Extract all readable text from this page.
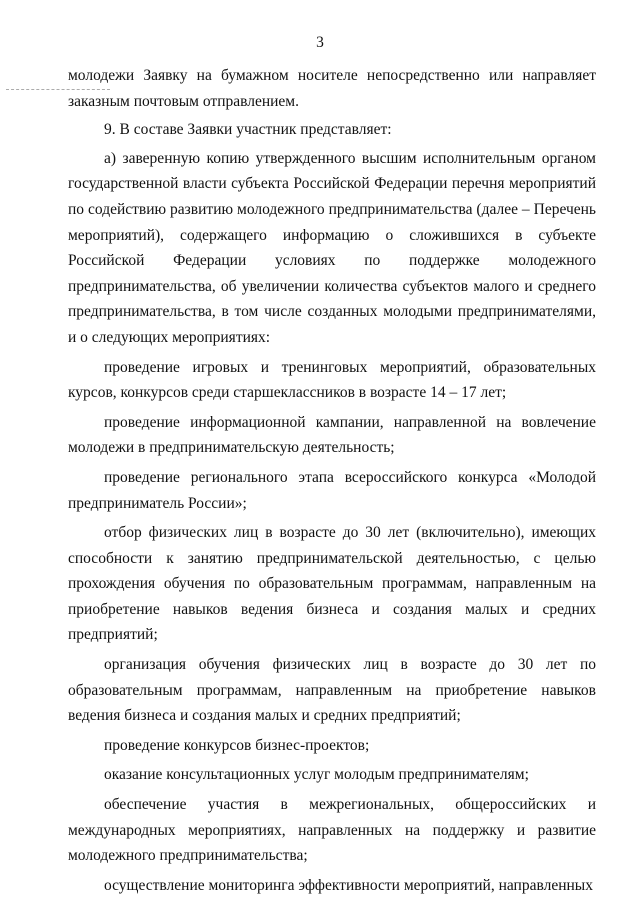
3

молодежи Заявку на бумажном носителе непосредственно или направляет заказным почтовым отправлением.

9. В составе Заявки участник представляет:

а) заверенную копию утвержденного высшим исполнительным органом государственной власти субъекта Российской Федерации перечня мероприятий по содействию развитию молодежного предпринимательства (далее – Перечень мероприятий), содержащего информацию о сложившихся в субъекте Российской Федерации условиях по поддержке молодежного предпринимательства, об увеличении количества субъектов малого и среднего предпринимательства, в том числе созданных молодыми предпринимателями, и о следующих мероприятиях:

проведение игровых и тренинговых мероприятий, образовательных курсов, конкурсов среди старшеклассников в возрасте 14 – 17 лет;

проведение информационной кампании, направленной на вовлечение молодежи в предпринимательскую деятельность;

проведение регионального этапа всероссийского конкурса «Молодой предприниматель России»;

отбор физических лиц в возрасте до 30 лет (включительно), имеющих способности к занятию предпринимательской деятельностью, с целью прохождения обучения по образовательным программам, направленным на приобретение навыков ведения бизнеса и создания малых и средних предприятий;

организация обучения физических лиц в возрасте до 30 лет по образовательным программам, направленным на приобретение навыков ведения бизнеса и создания малых и средних предприятий;

проведение конкурсов бизнес-проектов;

оказание консультационных услуг молодым предпринимателям;

обеспечение участия в межрегиональных, общероссийских и международных мероприятиях, направленных на поддержку и развитие молодежного предпринимательства;

осуществление мониторинга эффективности мероприятий, направленных
